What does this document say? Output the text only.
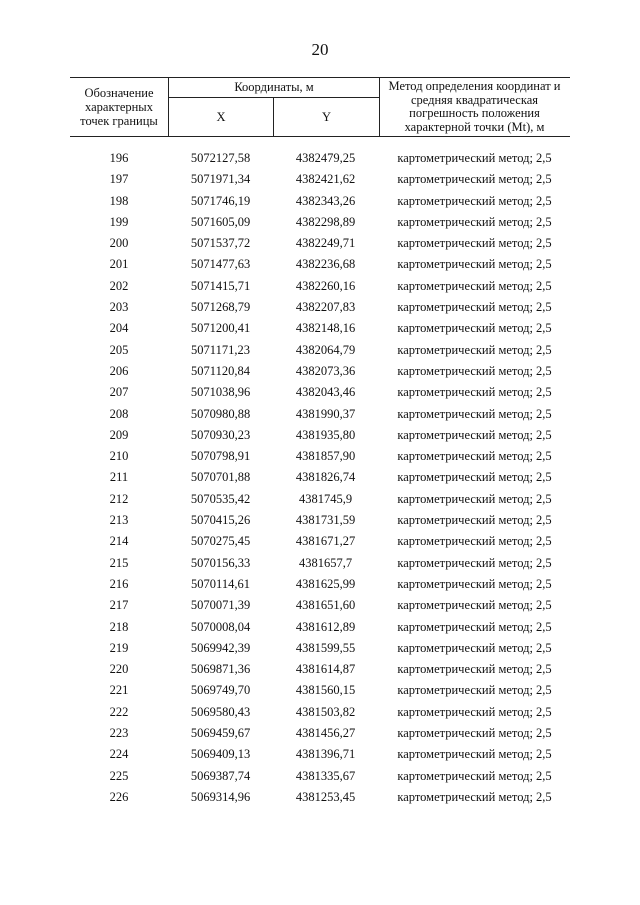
20
Обозначение характерных точек границы
Координаты, м
X	Y
Метод определения координат и средняя квадратическая погрешность положения характерной точки (Mt), м
196	5072127,58	4382479,25	картометрический метод; 2,5
197	5071971,34	4382421,62	картометрический метод; 2,5
198	5071746,19	4382343,26	картометрический метод; 2,5
199	5071605,09	4382298,89	картометрический метод; 2,5
200	5071537,72	4382249,71	картометрический метод; 2,5
201	5071477,63	4382236,68	картометрический метод; 2,5
202	5071415,71	4382260,16	картометрический метод; 2,5
203	5071268,79	4382207,83	картометрический метод; 2,5
204	5071200,41	4382148,16	картометрический метод; 2,5
205	5071171,23	4382064,79	картометрический метод; 2,5
206	5071120,84	4382073,36	картометрический метод; 2,5
207	5071038,96	4382043,46	картометрический метод; 2,5
208	5070980,88	4381990,37	картометрический метод; 2,5
209	5070930,23	4381935,80	картометрический метод; 2,5
210	5070798,91	4381857,90	картометрический метод; 2,5
211	5070701,88	4381826,74	картометрический метод; 2,5
212	5070535,42	4381745,9	картометрический метод; 2,5
213	5070415,26	4381731,59	картометрический метод; 2,5
214	5070275,45	4381671,27	картометрический метод; 2,5
215	5070156,33	4381657,7	картометрический метод; 2,5
216	5070114,61	4381625,99	картометрический метод; 2,5
217	5070071,39	4381651,60	картометрический метод; 2,5
218	5070008,04	4381612,89	картометрический метод; 2,5
219	5069942,39	4381599,55	картометрический метод; 2,5
220	5069871,36	4381614,87	картометрический метод; 2,5
221	5069749,70	4381560,15	картометрический метод; 2,5
222	5069580,43	4381503,82	картометрический метод; 2,5
223	5069459,67	4381456,27	картометрический метод; 2,5
224	5069409,13	4381396,71	картометрический метод; 2,5
225	5069387,74	4381335,67	картометрический метод; 2,5
226	5069314,96	4381253,45	картометрический метод; 2,5
